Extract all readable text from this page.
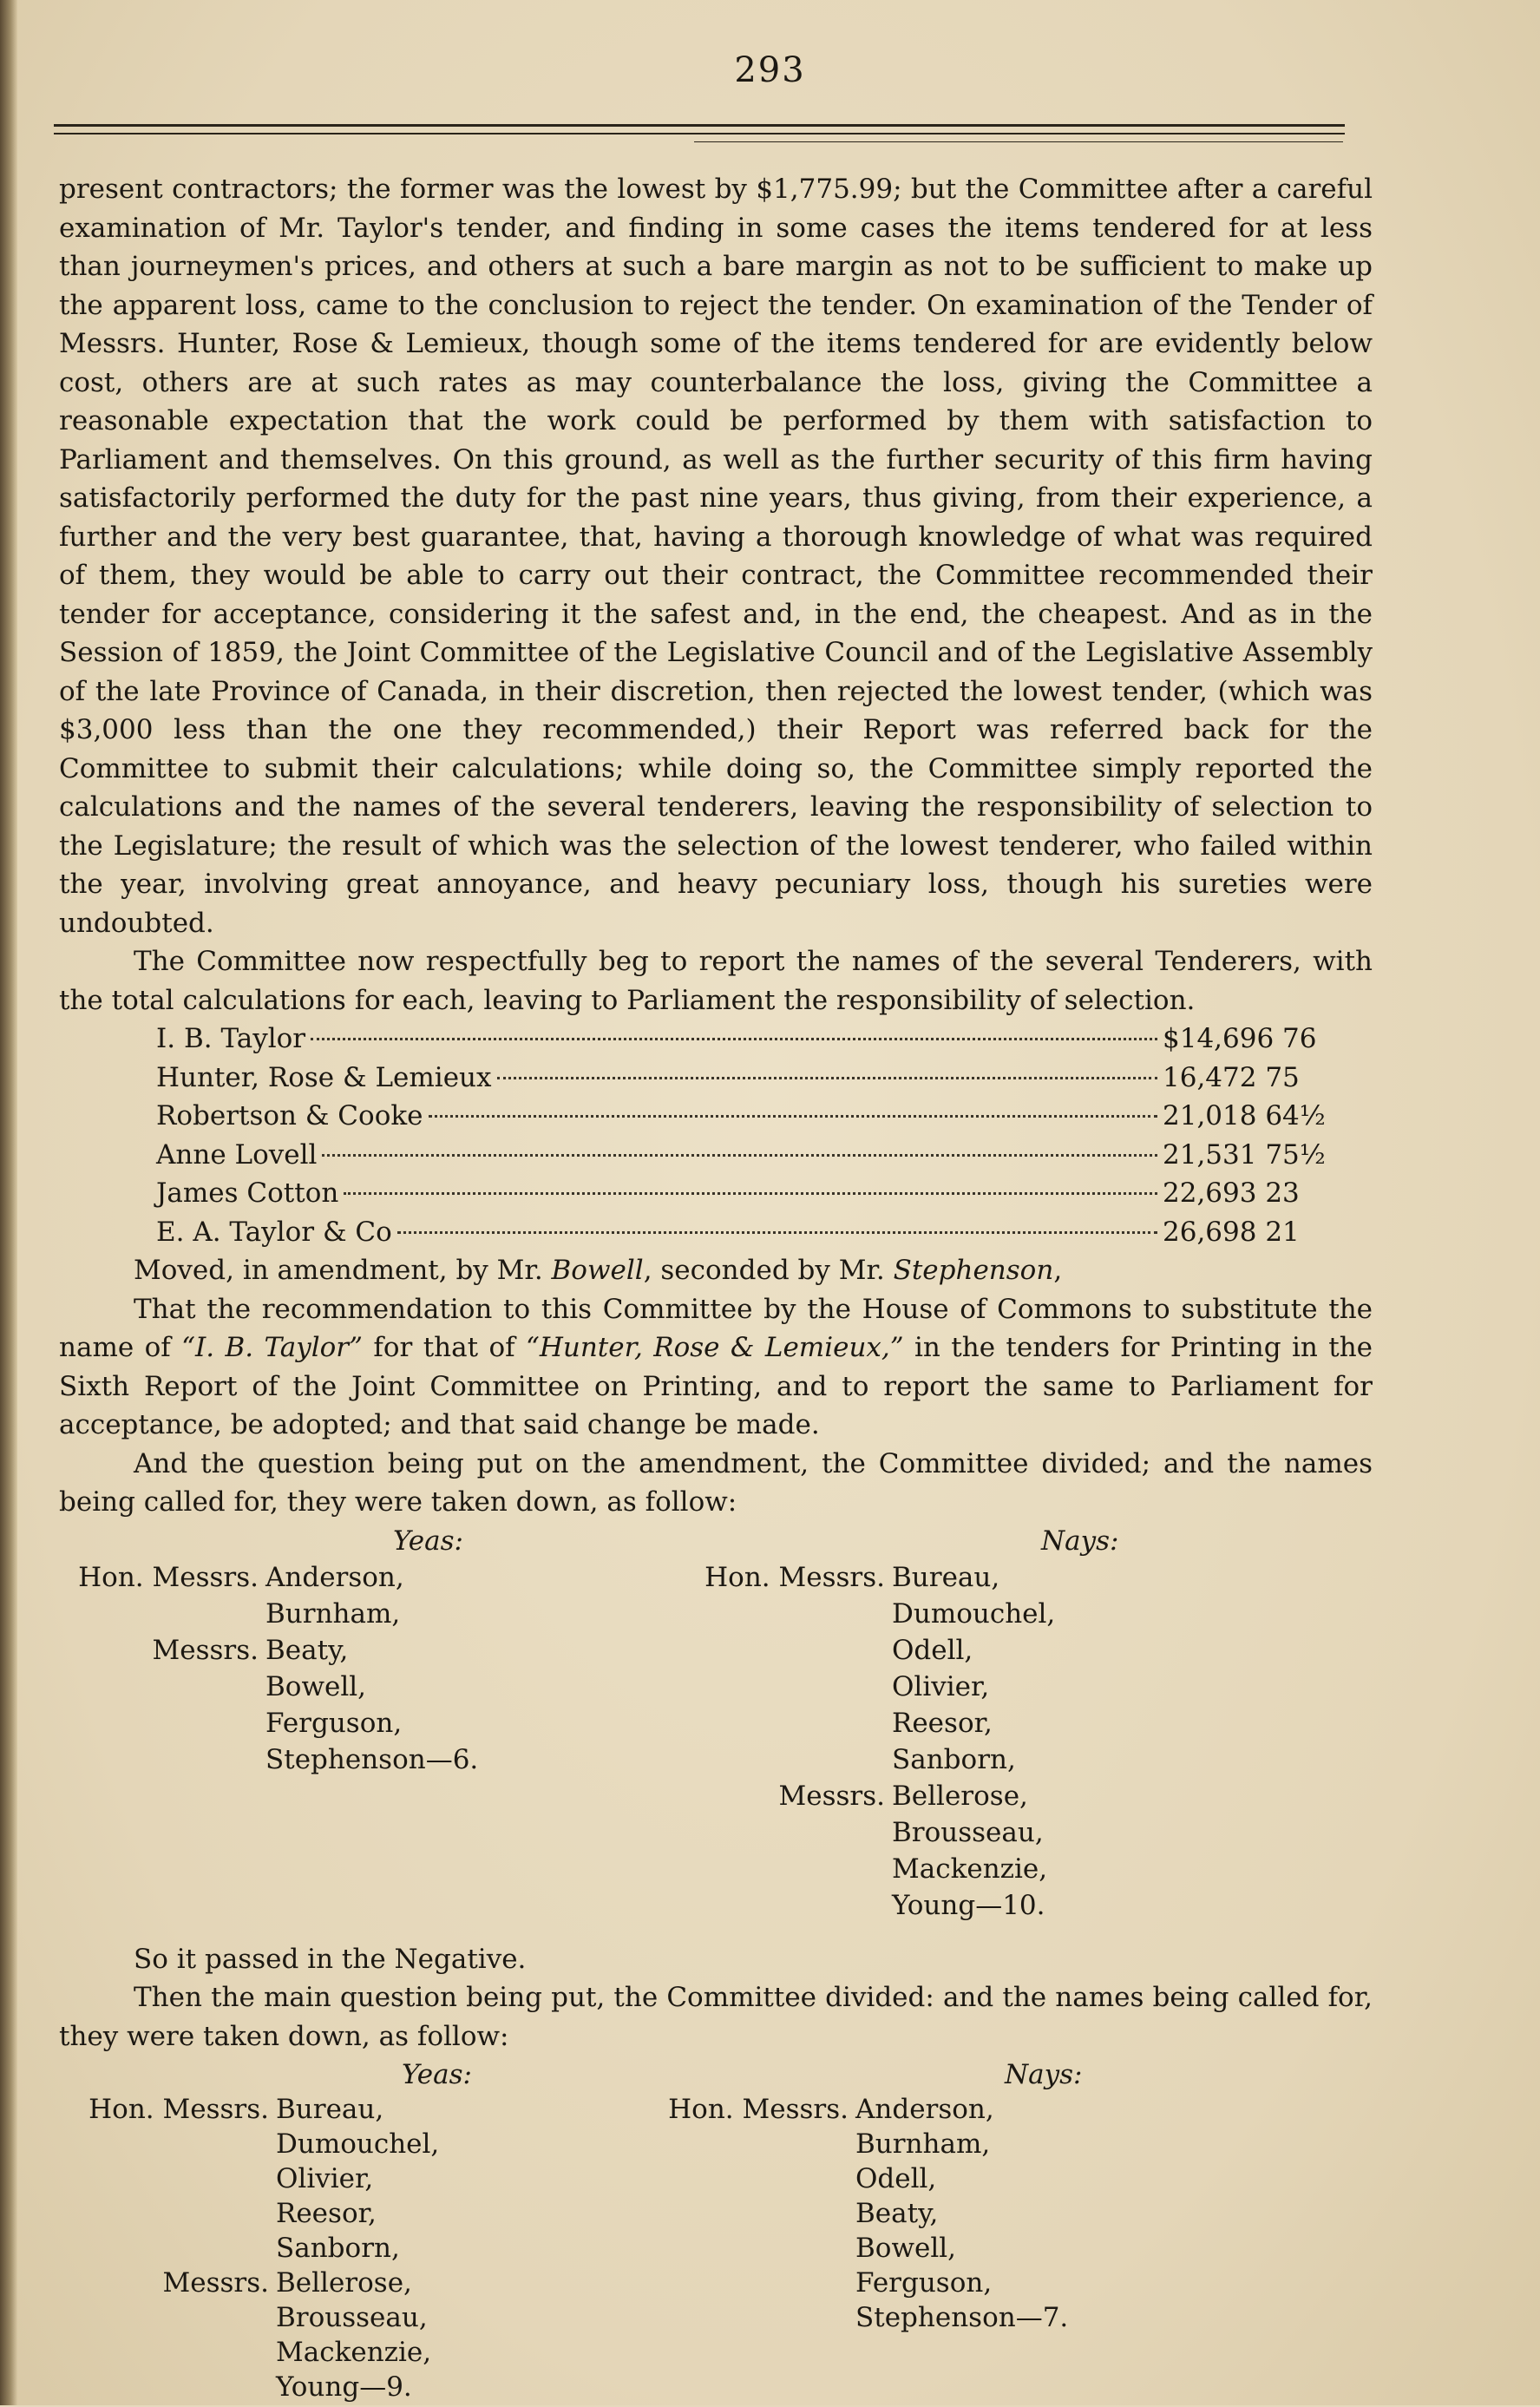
293

present contractors; the former was the lowest by $1,775.99; but the Committee after a careful examination of Mr. Taylor's tender, and finding in some cases the items tendered for at less than journeymen's prices, and others at such a bare margin as not to be sufficient to make up the apparent loss, came to the conclusion to reject the tender. On examination of the Tender of Messrs. Hunter, Rose & Lemieux, though some of the items tendered for are evidently below cost, others are at such rates as may counterbalance the loss, giving the Committee a reasonable expectation that the work could be performed by them with satisfaction to Parliament and themselves. On this ground, as well as the further security of this firm having satisfactorily performed the duty for the past nine years, thus giving, from their experience, a further and the very best guarantee, that, having a thorough knowledge of what was required of them, they would be able to carry out their contract, the Committee recommended their tender for acceptance, considering it the safest and, in the end, the cheapest. And as in the Session of 1859, the Joint Committee of the Legislative Council and of the Legislative Assembly of the late Province of Canada, in their discretion, then rejected the lowest tender, (which was $3,000 less than the one they recommended,) their Report was referred back for the Committee to submit their calculations; while doing so, the Committee simply reported the calculations and the names of the several tenderers, leaving the responsibility of selection to the Legislature; the result of which was the selection of the lowest tenderer, who failed within the year, involving great annoyance, and heavy pecuniary loss, though his sureties were undoubted.

The Committee now respectfully beg to report the names of the several Tenderers, with the total calculations for each, leaving to Parliament the responsibility of selection.

I. B. Taylor	$14,696 76
Hunter, Rose & Lemieux	16,472 75
Robertson & Cooke	21,018 64½
Anne Lovell	21,531 75½
James Cotton	22,693 23
E. A. Taylor & Co	26,698 21

Moved, in amendment, by Mr. Bowell, seconded by Mr. Stephenson,

That the recommendation to this Committee by the House of Commons to substitute the name of “I. B. Taylor” for that of “Hunter, Rose & Lemieux,” in the tenders for Printing in the Sixth Report of the Joint Committee on Printing, and to report the same to Parliament for acceptance, be adopted; and that said change be made.

And the question being put on the amendment, the Committee divided; and the names being called for, they were taken down, as follow:

Yeas:
Hon. Messrs. Anderson,
Burnham,
Messrs. Beaty,
Bowell,
Ferguson,
Stephenson—6.
Nays:
Hon. Messrs. Bureau,
Dumouchel,
Odell,
Olivier,
Reesor,
Sanborn,
Messrs. Bellerose,
Brousseau,
Mackenzie,
Young—10.

So it passed in the Negative.

Then the main question being put, the Committee divided: and the names being called for, they were taken down, as follow:

Yeas:
Hon. Messrs. Bureau,
Dumouchel,
Olivier,
Reesor,
Sanborn,
Messrs. Bellerose,
Brousseau,
Mackenzie,
Young—9.
Nays:
Hon. Messrs. Anderson,
Burnham,
Odell,
Beaty,
Bowell,
Ferguson,
Stephenson—7.
